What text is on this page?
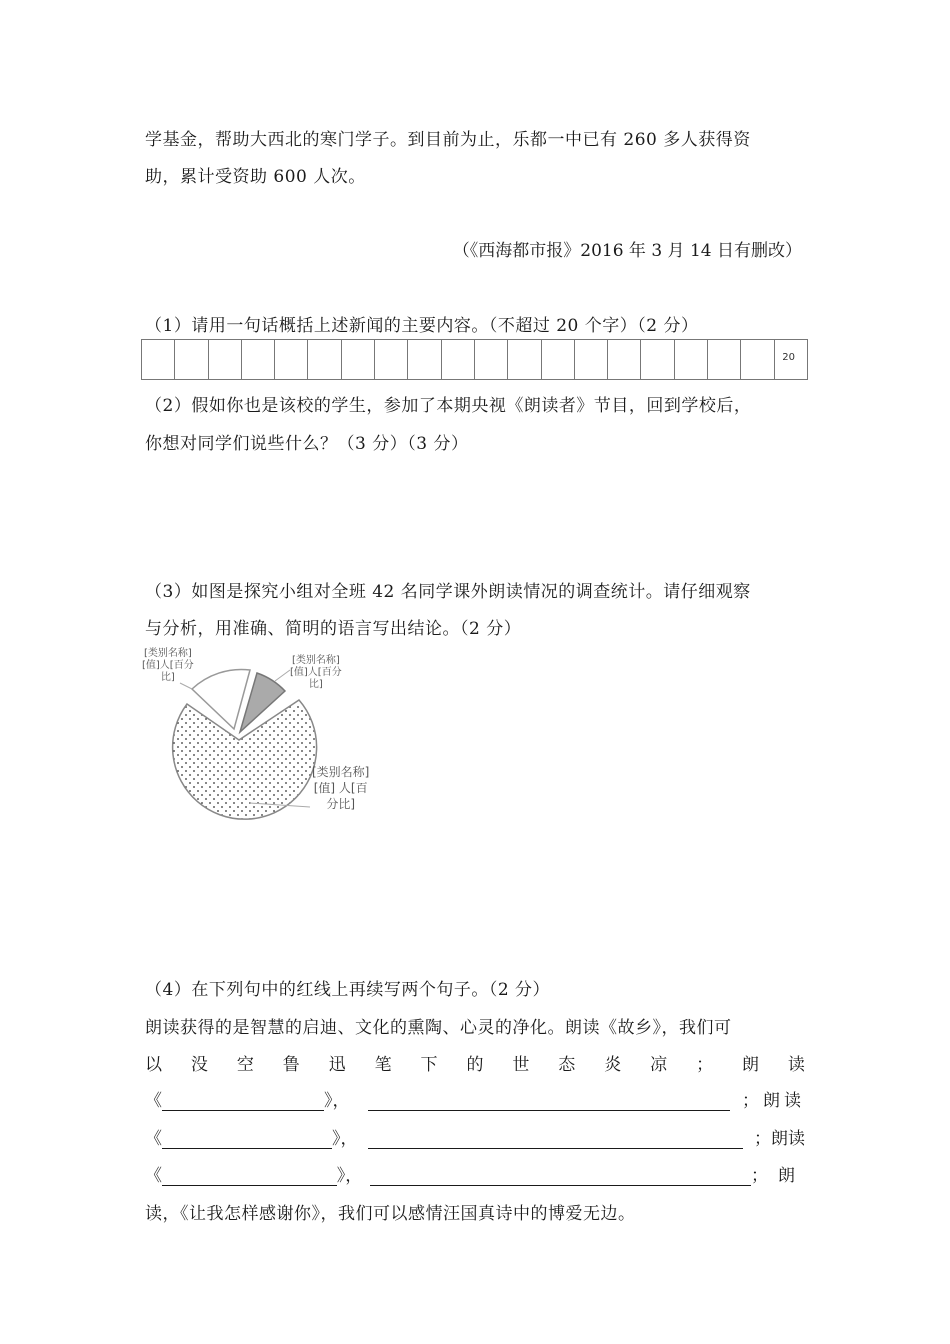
学基金，帮助大西北的寒门学子。到目前为止，乐都一中已有 260 多人获得资
助，累计受资助 600 人次。
（《西海都市报》2016 年 3 月 14 日有删改）
（1）请用一句话概括上述新闻的主要内容。（不超过 20 个字）（2 分）
20
（2）假如你也是该校的学生，参加了本期央视《朗读者》节目，回到学校后，
你想对同学们说些什么？（3 分）（3 分）
（3）如图是探究小组对全班 42 名同学课外朗读情况的调查统计。请仔细观察
与分析，用准确、简明的语言写出结论。（2 分）
[类别名称]
[值]人[百分
比]
[类别名称]
[值]人[百分
比]
[类别名称]
[值] 人[百
分比]
（4）在下列句中的红线上再续写两个句子。（2 分）
朗读获得的是智慧的启迪、文化的熏陶、心灵的净化。朗读《故乡》，我们可
以 没 空 鲁 迅 笔 下 的 世 态 炎 凉 ； 朗 读
《	》，	；朗读
《	》，	；朗读
《	》，	；朗
读，《让我怎样感谢你》，我们可以感情汪国真诗中的博爱无边。
